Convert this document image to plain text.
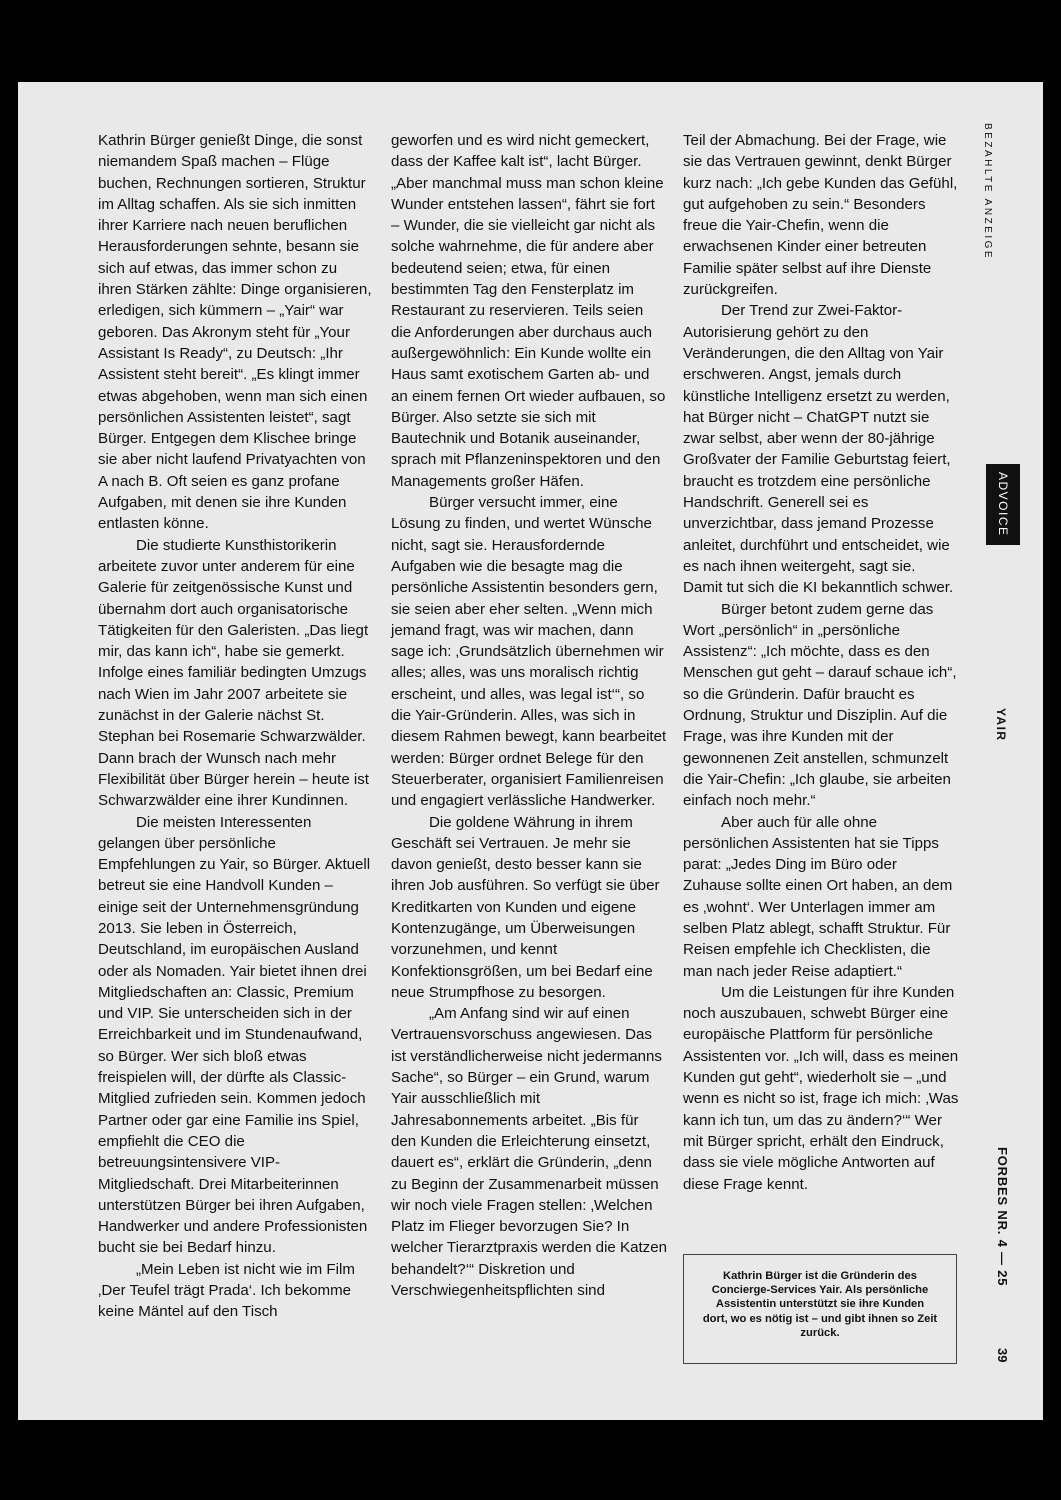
Kathrin Bürger genießt Dinge, die sonst niemandem Spaß machen – Flüge buchen, Rechnungen sortieren, Struktur im Alltag schaffen. Als sie sich inmitten ihrer Karriere nach neuen beruflichen Herausforderungen sehnte, besann sie sich auf etwas, das immer schon zu ihren Stärken zählte: Dinge organisieren, erledigen, sich kümmern – „Yair“ war geboren. Das Akronym steht für „Your Assistant Is Ready“, zu Deutsch: „Ihr Assistent steht bereit“. „Es klingt immer etwas abgehoben, wenn man sich einen persönlichen Assistenten leistet“, sagt Bürger. Entgegen dem Klischee bringe sie aber nicht laufend Privatyachten von A nach B. Oft seien es ganz profane Aufgaben, mit denen sie ihre Kunden entlasten könne.

Die studierte Kunsthistorikerin arbeitete zuvor unter anderem für eine Galerie für zeitgenössische Kunst und übernahm dort auch organisatorische Tätigkeiten für den Galeristen. „Das liegt mir, das kann ich“, habe sie gemerkt. Infolge eines familiär bedingten Umzugs nach Wien im Jahr 2007 arbeitete sie zunächst in der Galerie nächst St. Stephan bei Rosemarie Schwarzwälder. Dann brach der Wunsch nach mehr Flexibilität über Bürger herein – heute ist Schwarzwälder eine ihrer Kundinnen.

Die meisten Interessenten gelangen über persönliche Empfehlungen zu Yair, so Bürger. Aktuell betreut sie eine Handvoll Kunden – einige seit der Unternehmensgründung 2013. Sie leben in Österreich, Deutschland, im europäischen Ausland oder als Nomaden. Yair bietet ihnen drei Mitgliedschaften an: Classic, Premium und VIP. Sie unterscheiden sich in der Erreichbarkeit und im Stundenaufwand, so Bürger. Wer sich bloß etwas freispielen will, der dürfte als Classic-Mitglied zufrieden sein. Kommen jedoch Partner oder gar eine Familie ins Spiel, empfiehlt die CEO die betreuungsintensivere VIP-Mitgliedschaft. Drei Mitarbeiterinnen unterstützen Bürger bei ihren Aufgaben, Handwerker und andere Professionisten bucht sie bei Bedarf hinzu.

„Mein Leben ist nicht wie im Film ‚Der Teufel trägt Prada‘. Ich bekomme keine Mäntel auf den Tisch

geworfen und es wird nicht gemeckert, dass der Kaffee kalt ist“, lacht Bürger. „Aber manchmal muss man schon kleine Wunder entstehen lassen“, fährt sie fort – Wunder, die sie vielleicht gar nicht als solche wahrnehme, die für andere aber bedeutend seien; etwa, für einen bestimmten Tag den Fensterplatz im Restaurant zu reservieren. Teils seien die Anforderungen aber durchaus auch außergewöhnlich: Ein Kunde wollte ein Haus samt exotischem Garten ab- und an einem fernen Ort wieder aufbauen, so Bürger. Also setzte sie sich mit Bautechnik und Botanik auseinander, sprach mit Pflanzeninspektoren und den Managements großer Häfen.

Bürger versucht immer, eine Lösung zu finden, und wertet Wünsche nicht, sagt sie. Herausfordernde Aufgaben wie die besagte mag die persönliche Assistentin besonders gern, sie seien aber eher selten. „Wenn mich jemand fragt, was wir machen, dann sage ich: ‚Grundsätzlich übernehmen wir alles; alles, was uns moralisch richtig erscheint, und alles, was legal ist‘“, so die Yair-Gründerin. Alles, was sich in diesem Rahmen bewegt, kann bearbeitet werden: Bürger ordnet Belege für den Steuerberater, organisiert Familienreisen und engagiert verlässliche Handwerker.

Die goldene Währung in ihrem Geschäft sei Vertrauen. Je mehr sie davon genießt, desto besser kann sie ihren Job ausführen. So verfügt sie über Kreditkarten von Kunden und eigene Kontenzugänge, um Überweisungen vorzunehmen, und kennt Konfektionsgrößen, um bei Bedarf eine neue Strumpfhose zu besorgen.

„Am Anfang sind wir auf einen Vertrauensvorschuss angewiesen. Das ist verständlicherweise nicht jedermanns Sache“, so Bürger – ein Grund, warum Yair ausschließlich mit Jahresabonnements arbeitet. „Bis für den Kunden die Erleichterung einsetzt, dauert es“, erklärt die Gründerin, „denn zu Beginn der Zusammenarbeit müssen wir noch viele Fragen stellen: ‚Welchen Platz im Flieger bevorzugen Sie? In welcher Tierarztpraxis werden die Katzen behandelt?‘“ Diskretion und Verschwiegenheitspflichten sind

Teil der Abmachung. Bei der Frage, wie sie das Vertrauen gewinnt, denkt Bürger kurz nach: „Ich gebe Kunden das Gefühl, gut aufgehoben zu sein.“ Besonders freue die Yair-Chefin, wenn die erwachsenen Kinder einer betreuten Familie später selbst auf ihre Dienste zurückgreifen.

Der Trend zur Zwei-Faktor-Autorisierung gehört zu den Veränderungen, die den Alltag von Yair erschweren. Angst, jemals durch künstliche Intelligenz ersetzt zu werden, hat Bürger nicht – ChatGPT nutzt sie zwar selbst, aber wenn der 80-jährige Großvater der Familie Geburtstag feiert, braucht es trotzdem eine persönliche Handschrift. Generell sei es unverzichtbar, dass jemand Prozesse anleitet, durchführt und entscheidet, wie es nach ihnen weitergeht, sagt sie. Damit tut sich die KI bekanntlich schwer.

Bürger betont zudem gerne das Wort „persönlich“ in „persönliche Assistenz“: „Ich möchte, dass es den Menschen gut geht – darauf schaue ich“, so die Gründerin. Dafür braucht es Ordnung, Struktur und Disziplin. Auf die Frage, was ihre Kunden mit der gewonnenen Zeit anstellen, schmunzelt die Yair-Chefin: „Ich glaube, sie arbeiten einfach noch mehr.“

Aber auch für alle ohne persönlichen Assistenten hat sie Tipps parat: „Jedes Ding im Büro oder Zuhause sollte einen Ort haben, an dem es ‚wohnt‘. Wer Unterlagen immer am selben Platz ablegt, schafft Struktur. Für Reisen empfehle ich Checklisten, die man nach jeder Reise adaptiert.“

Um die Leistungen für ihre Kunden noch auszubauen, schwebt Bürger eine europäische Plattform für persönliche Assistenten vor. „Ich will, dass es meinen Kunden gut geht“, wiederholt sie – „und wenn es nicht so ist, frage ich mich: ‚Was kann ich tun, um das zu ändern?‘“ Wer mit Bürger spricht, erhält den Eindruck, dass sie viele mögliche Antworten auf diese Frage kennt.

Kathrin Bürger ist die Gründerin des Concierge-Services Yair. Als persönliche Assistentin unterstützt sie ihre Kunden dort, wo es nötig ist – und gibt ihnen so Zeit zurück.
BEZAHLTE ANZEIGE
ADVOICE
YAIR
FORBES NR. 4 — 25
39
